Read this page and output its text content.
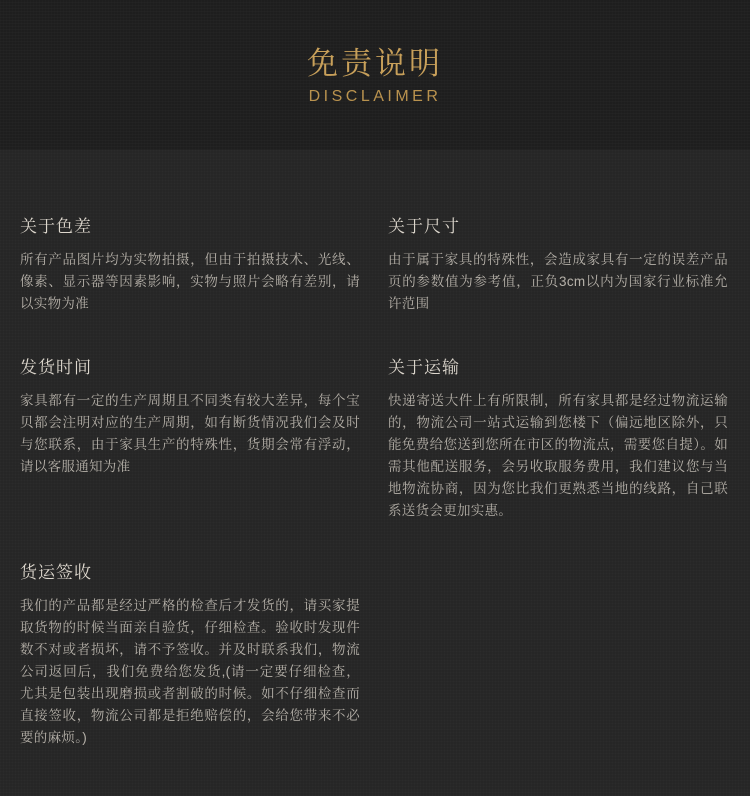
免责说明
DISCLAIMER
关于色差

所有产品图片均为实物拍摄，但由于拍摄技术、光线、像素、显示器等因素影响，实物与照片会略有差别，请以实物为准

发货时间

家具都有一定的生产周期且不同类有较大差异，每个宝贝都会注明对应的生产周期，如有断货情况我们会及时与您联系，由于家具生产的特殊性，货期会常有浮动，请以客服通知为准

货运签收

我们的产品都是经过严格的检查后才发货的，请买家提取货物的时候当面亲自验货，仔细检查。验收时发现件数不对或者损坏，请不予签收。并及时联系我们，物流公司返回后，我们免费给您发货,(请一定要仔细检查，尤其是包装出现磨损或者割破的时候。如不仔细检查而直接签收，物流公司都是拒绝赔偿的，会给您带来不必要的麻烦。)

关于尺寸

由于属于家具的特殊性，会造成家具有一定的误差产品页的参数值为参考值，正负3cm以内为国家行业标准允许范围

关于运输

快递寄送大件上有所限制，所有家具都是经过物流运输的，物流公司一站式运输到您楼下（偏远地区除外，只能免费给您送到您所在市区的物流点，需要您自提）。如需其他配送服务，会另收取服务费用，我们建议您与当地物流协商，因为您比我们更熟悉当地的线路，自己联系送货会更加实惠。
